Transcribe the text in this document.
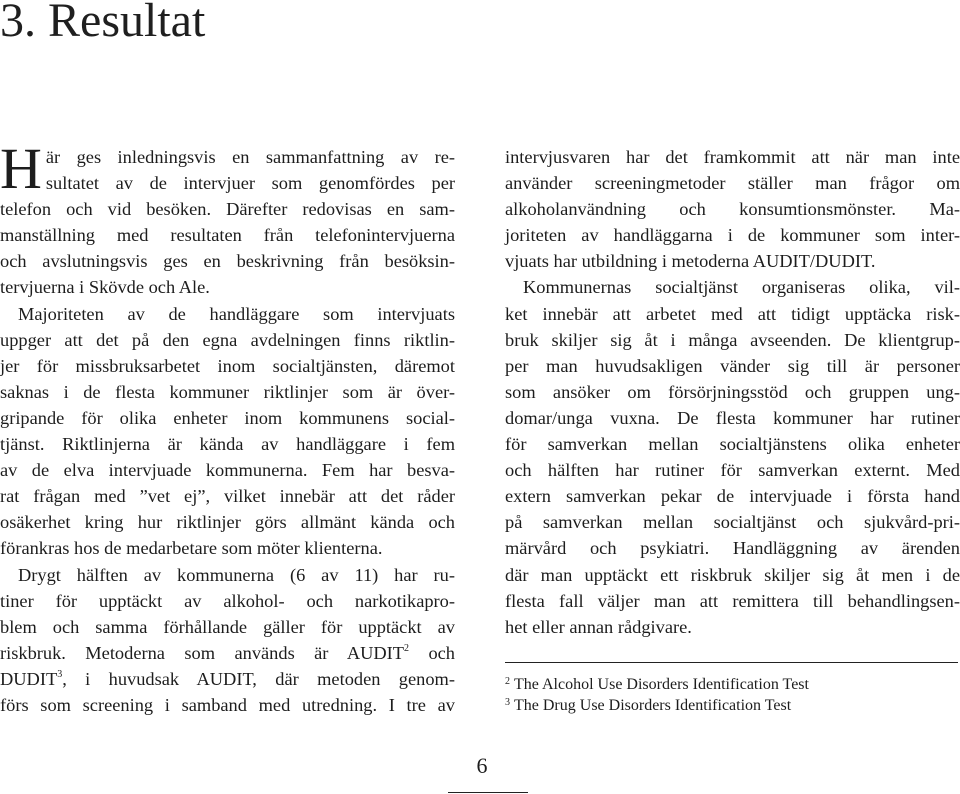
3. Resultat

H är ges inledningsvis en sammanfattning av re-
sultatet av de intervjuer som genomfördes per
telefon och vid besöken. Därefter redovisas en sam-
manställning med resultaten från telefonintervjuerna
och avslutningsvis ges en beskrivning från besöksin-
tervjuerna i Skövde och Ale.

Majoriteten av de handläggare som intervjuats
uppger att det på den egna avdelningen finns riktlin-
jer för missbruksarbetet inom socialtjänsten, däremot
saknas i de flesta kommuner riktlinjer som är över-
gripande för olika enheter inom kommunens social-
tjänst. Riktlinjerna är kända av handläggare i fem
av de elva intervjuade kommunerna. Fem har besva-
rat frågan med ”vet ej”, vilket innebär att det råder
osäkerhet kring hur riktlinjer görs allmänt kända och
förankras hos de medarbetare som möter klienterna.

Drygt hälften av kommunerna (6 av 11) har ru-
tiner för upptäckt av alkohol- och narkotikapro-
blem och samma förhållande gäller för upptäckt av
riskbruk. Metoderna som används är AUDIT$^2$ och
DUDIT$^3$, i huvudsak AUDIT, där metoden genom-
förs som screening i samband med utredning. I tre av

intervjusvaren har det framkommit att när man inte
använder screeningmetoder ställer man frågor om
alkoholanvändning och konsumtionsmönster. Ma-
joriteten av handläggarna i de kommuner som inter-
vjuats har utbildning i metoderna AUDIT/DUDIT.

Kommunernas socialtjänst organiseras olika, vil-
ket innebär att arbetet med att tidigt upptäcka risk-
bruk skiljer sig åt i många avseenden. De klientgrup-
per man huvudsakligen vänder sig till är personer
som ansöker om försörjningsstöd och gruppen ung-
domar/unga vuxna. De flesta kommuner har rutiner
för samverkan mellan socialtjänstens olika enheter
och hälften har rutiner för samverkan externt. Med
extern samverkan pekar de intervjuade i första hand
på samverkan mellan socialtjänst och sjukvård-pri-
märvård och psykiatri. Handläggning av ärenden
där man upptäckt ett riskbruk skiljer sig åt men i de
flesta fall väljer man att remittera till behandlingsen-
het eller annan rådgivare.

$^2$ The Alcohol Use Disorders Identification Test
$^3$ The Drug Use Disorders Identification Test
6
